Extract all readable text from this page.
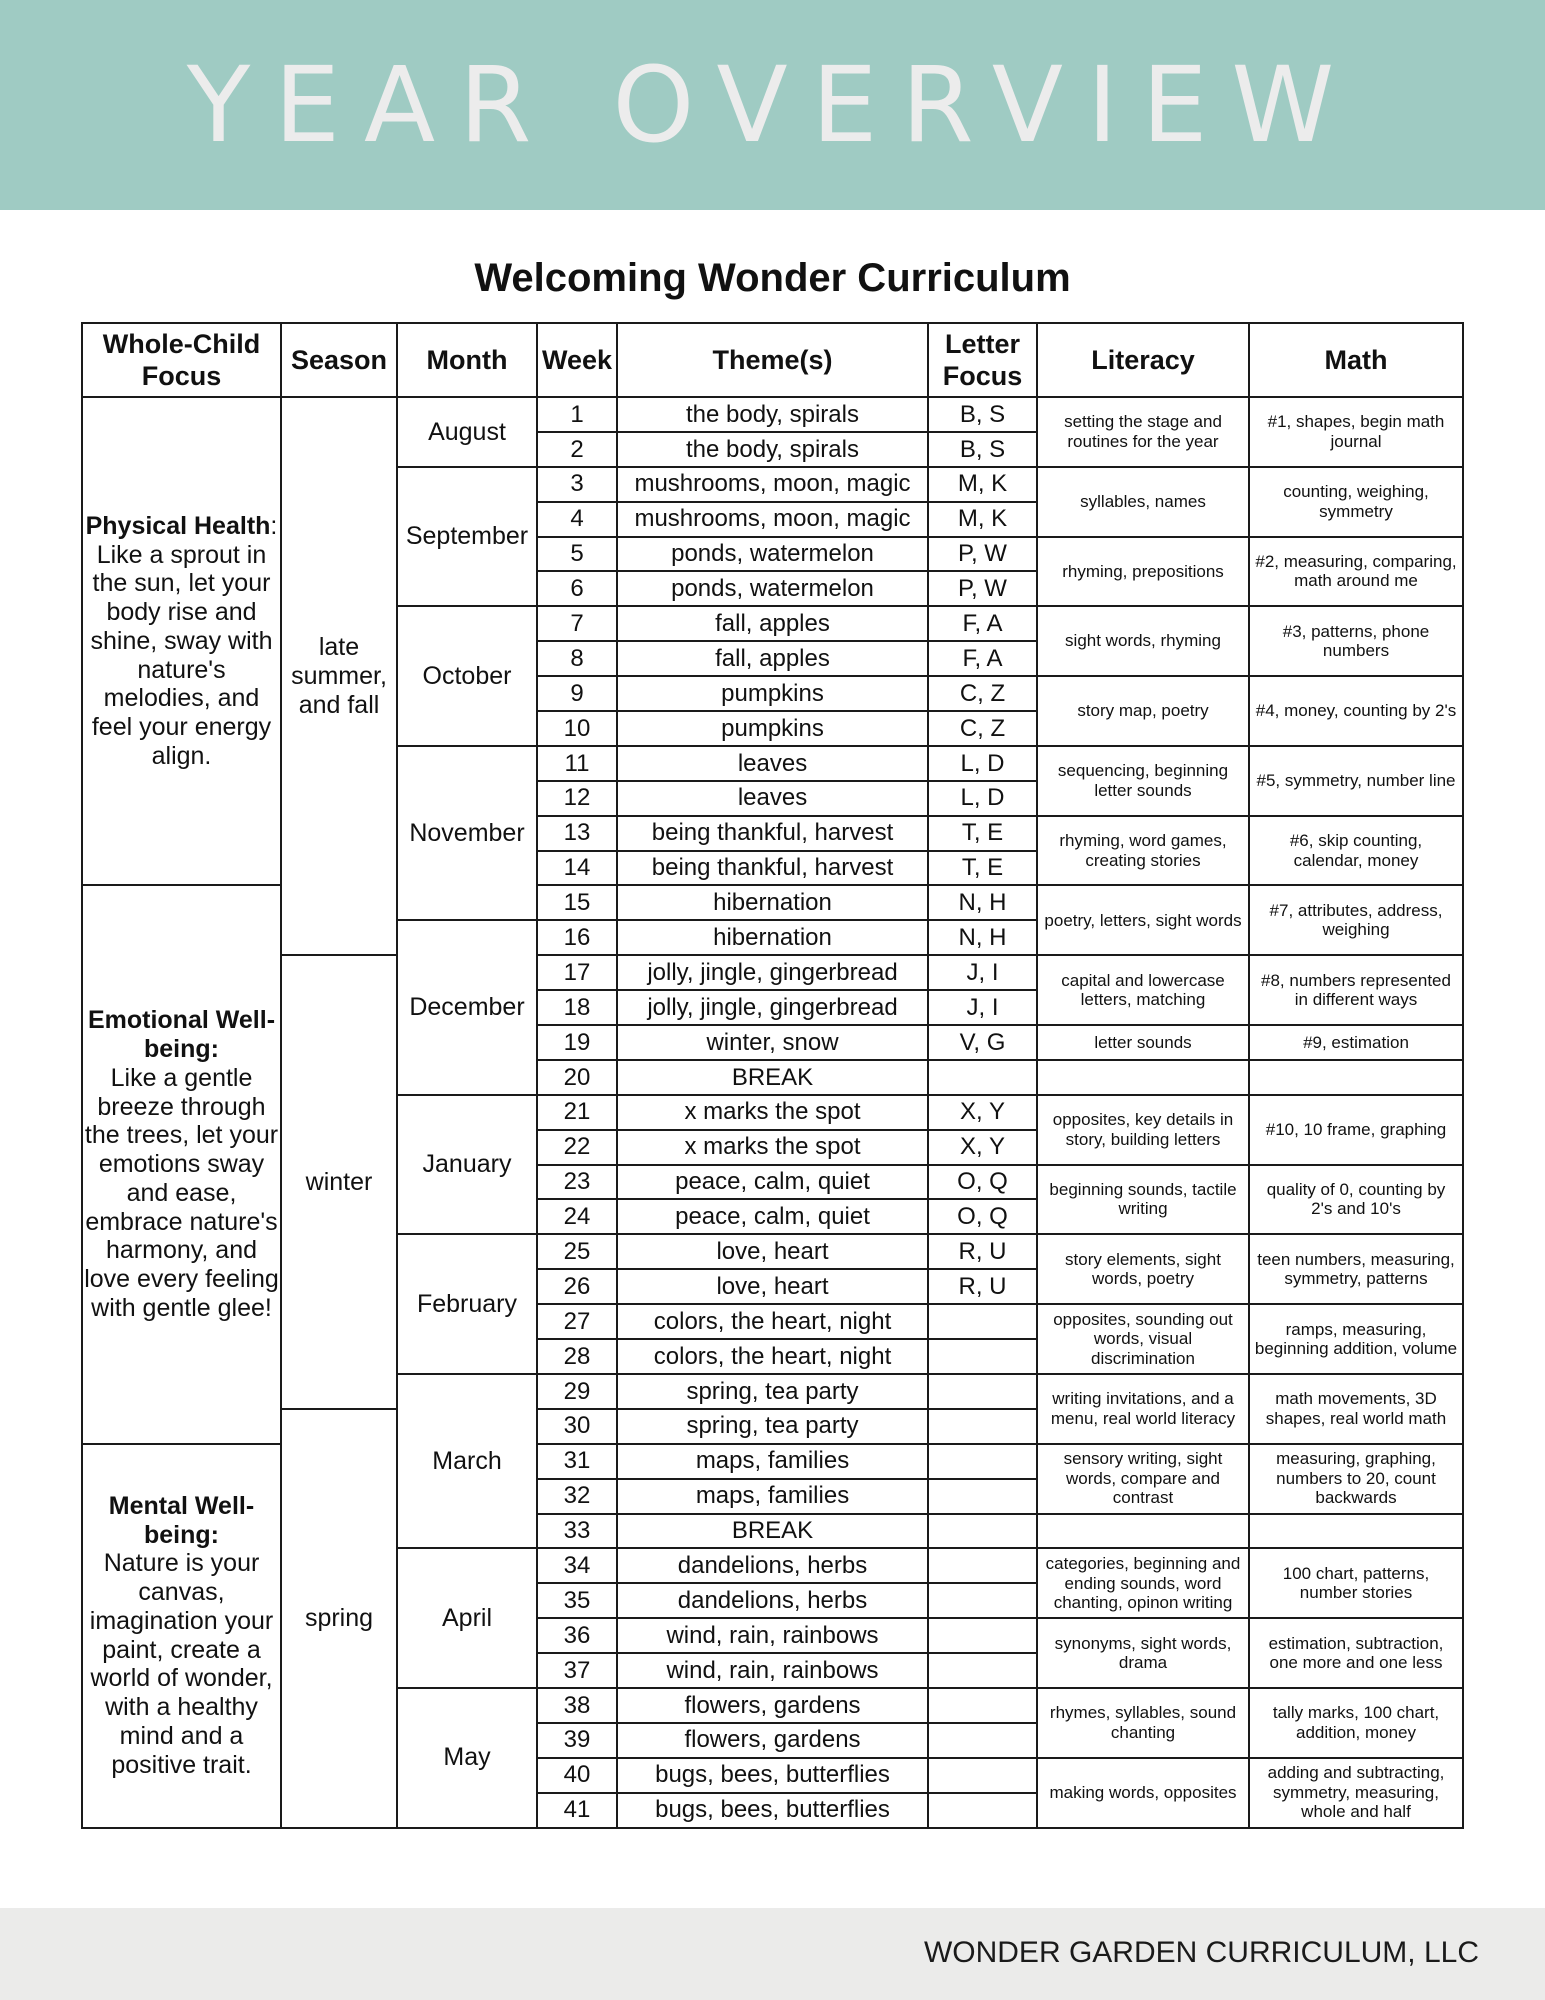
YEAR OVERVIEW
Welcoming Wonder Curriculum
Whole-Child Focus	Season	Month	Week	Theme(s)	Letter Focus	Literacy	Math
Physical Health:
Like a sprout in the sun, let your body rise and shine, sway with nature's melodies, and feel your energy align.	late summer, and fall	August	1	the body, spirals	B, S	setting the stage and routines for the year	#1, shapes, begin math journal

			2	the body, spirals	B, S		
		September	3	mushrooms, moon, magic	M, K	syllables, names	counting, weighing, symmetry

			4	mushrooms, moon, magic	M, K		
			5	ponds, watermelon	P, W	rhyming, prepositions	#2, measuring, comparing, math around me

			6	ponds, watermelon	P, W		
		October	7	fall, apples	F, A	sight words, rhyming	#3, patterns, phone numbers

			8	fall, apples	F, A		
			9	pumpkins	C, Z	story map, poetry	#4, money, counting by 2's

			10	pumpkins	C, Z		
		November	11	leaves	L, D	sequencing, beginning letter sounds	#5, symmetry, number line

			12	leaves	L, D		
			13	being thankful, harvest	T, E	rhyming, word games, creating stories	#6, skip counting, calendar, money

			14	being thankful, harvest	T, E		
Emotional Well-being:
Like a gentle breeze through the trees, let your emotions sway and ease, embrace nature's harmony, and love every feeling with gentle glee!			15	hibernation	N, H	poetry, letters, sight words	#7, attributes, address, weighing

		December	16	hibernation	N, H		
	winter		17	jolly, jingle, gingerbread	J, I	capital and lowercase letters, matching	#8, numbers represented in different ways

			18	jolly, jingle, gingerbread	J, I		
			19	winter, snow	V, G	letter sounds	#9, estimation

			20	BREAK		

		January	21	x marks the spot	X, Y	opposites, key details in story, building letters	#10, 10 frame, graphing

			22	x marks the spot	X, Y		
			23	peace, calm, quiet	O, Q	beginning sounds, tactile writing	quality of 0, counting by 2's and 10's

			24	peace, calm, quiet	O, Q		
		February	25	love, heart	R, U	story elements, sight words, poetry	teen numbers, measuring, symmetry, patterns

			26	love, heart	R, U		
			27	colors, the heart, night		opposites, sounding out words, visual discrimination	ramps, measuring, beginning addition, volume

			28	colors, the heart, night			
		March	29	spring, tea party		writing invitations, and a menu, real world literacy	math movements, 3D shapes, real world math

	spring		30	spring, tea party			
Mental Well-being:
Nature is your canvas, imagination your paint, create a world of wonder, with a healthy mind and a positive trait.			31	maps, families		sensory writing, sight words, compare and contrast	measuring, graphing, numbers to 20, count backwards

			32	maps, families			
			33	BREAK		

		April	34	dandelions, herbs		categories, beginning and ending sounds, word chanting, opinon writing	100 chart, patterns, number stories

			35	dandelions, herbs			
			36	wind, rain, rainbows		synonyms, sight words, drama	estimation, subtraction, one more and one less

			37	wind, rain, rainbows			
		May	38	flowers, gardens		rhymes, syllables, sound chanting	tally marks, 100 chart, addition, money

			39	flowers, gardens			
			40	bugs, bees, butterflies		making words, opposites	adding and subtracting, symmetry, measuring, whole and half

			41	bugs, bees, butterflies			
WONDER GARDEN CURRICULUM, LLC
